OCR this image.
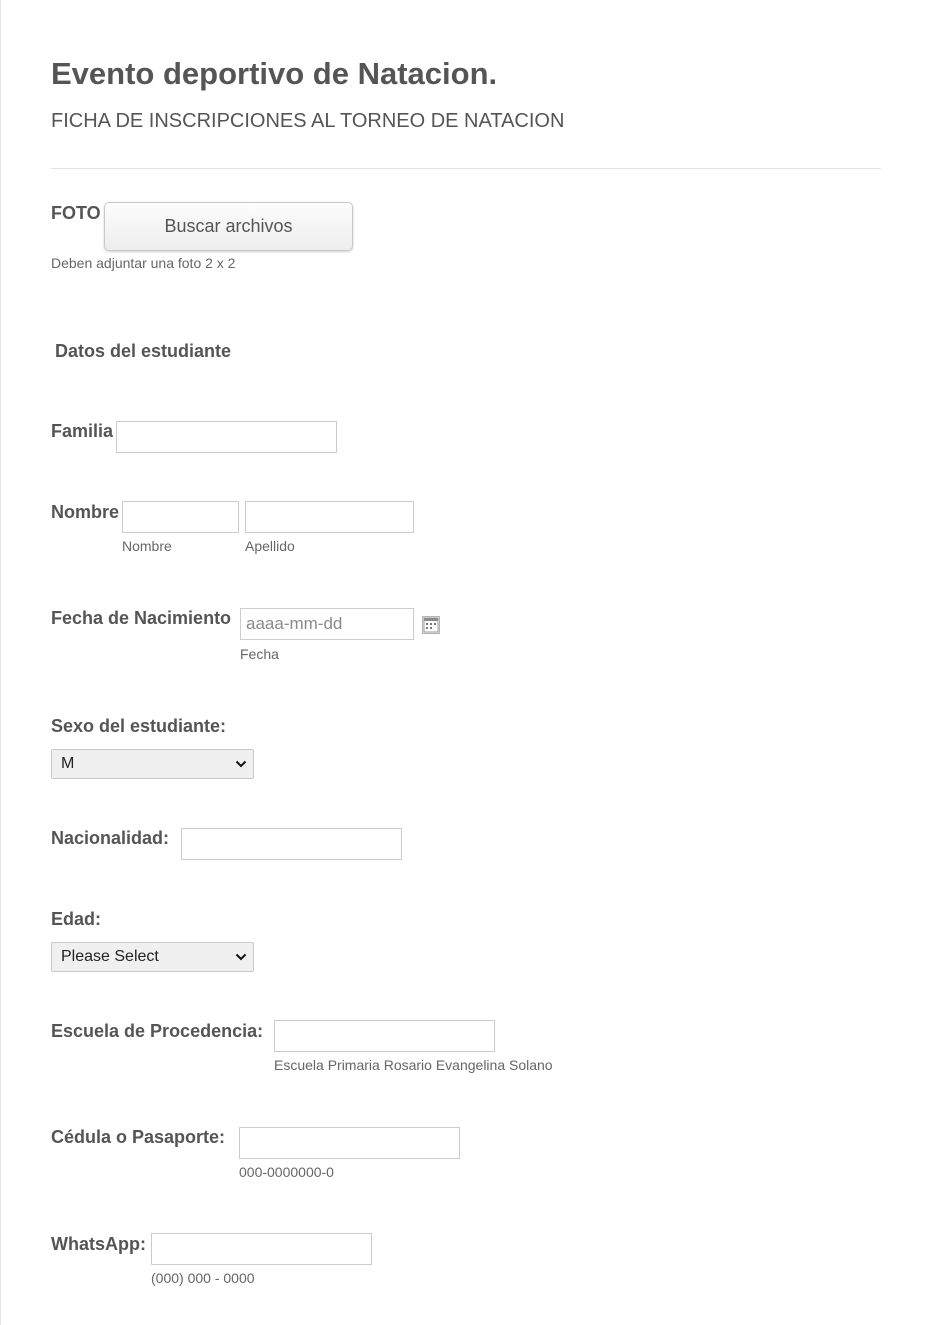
Evento deportivo de Natacion.
FICHA DE INSCRIPCIONES AL TORNEO DE NATACION
FOTO
Buscar archivos
Deben adjuntar una foto 2 x 2
Datos del estudiante
Familia
Nombre
Nombre	Apellido
Fecha de Nacimiento
aaaa-mm-dd
Fecha
Sexo del estudiante:
M
Nacionalidad:
Edad:
Please Select
Escuela de Procedencia:
Escuela Primaria Rosario Evangelina Solano
Cédula o Pasaporte:
000-0000000-0
WhatsApp:
(000) 000 - 0000
